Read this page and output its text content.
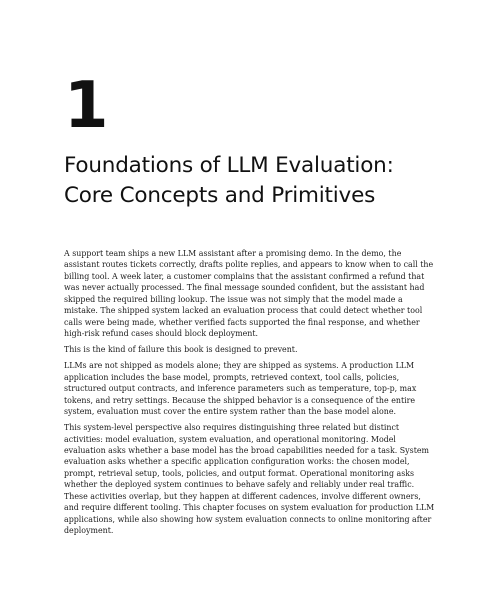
1
Foundations of LLM Evaluation:
Core Concepts and Primitives

A support team ships a new LLM assistant after a promising demo. In the demo, the assistant routes tickets correctly, drafts polite replies, and appears to know when to call the billing tool. A week later, a customer complains that the assistant confirmed a refund that was never actually processed. The final message sounded confident, but the assistant had skipped the required billing lookup. The issue was not simply that the model made a mistake. The shipped system lacked an evaluation process that could detect whether tool calls were being made, whether verified facts supported the final response, and whether high-risk refund cases should block deployment.

This is the kind of failure this book is designed to prevent.

LLMs are not shipped as models alone; they are shipped as systems. A production LLM application includes the base model, prompts, retrieved context, tool calls, policies, structured output contracts, and inference parameters such as temperature, top-p, max tokens, and retry settings. Because the shipped behavior is a consequence of the entire system, evaluation must cover the entire system rather than the base model alone.

This system-level perspective also requires distinguishing three related but distinct activities: model evaluation, system evaluation, and operational monitoring. Model evaluation asks whether a base model has the broad capabilities needed for a task. System evaluation asks whether a specific application configuration works: the chosen model, prompt, retrieval setup, tools, policies, and output format. Operational monitoring asks whether the deployed system continues to behave safely and reliably under real traffic. These activities overlap, but they happen at different cadences, involve different owners, and require different tooling. This chapter focuses on system evaluation for production LLM applications, while also showing how system evaluation connects to online monitoring after deployment.
